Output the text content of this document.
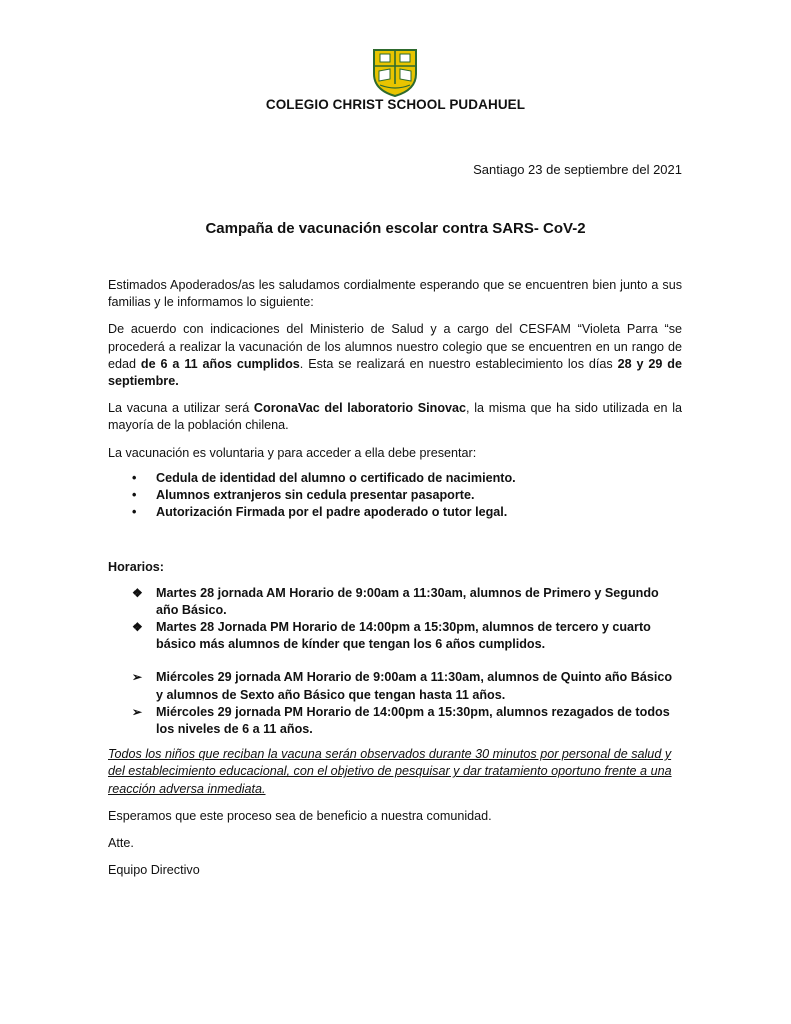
COLEGIO CHRIST SCHOOL PUDAHUEL
Santiago 23 de septiembre del 2021
Campaña de vacunación escolar contra SARS- CoV-2

Estimados Apoderados/as les saludamos cordialmente esperando que se encuentren bien junto a sus familias y le informamos lo siguiente:

De acuerdo con indicaciones del Ministerio de Salud y a cargo del CESFAM “Violeta Parra “se procederá a realizar la vacunación de los alumnos nuestro colegio que se encuentren en un rango de edad de 6 a 11 años cumplidos. Esta se realizará en nuestro establecimiento los días 28 y 29 de septiembre.

La vacuna a utilizar será CoronaVac del laboratorio Sinovac, la misma que ha sido utilizada en la mayoría de la población chilena.

La vacunación es voluntaria y para acceder a ella debe presentar:

• Cedula de identidad del alumno o certificado de nacimiento.
• Alumnos extranjeros sin cedula presentar pasaporte.
• Autorización Firmada por el padre apoderado o tutor legal.

Horarios:

❖ Martes 28 jornada AM Horario de 9:00am a 11:30am, alumnos de Primero y Segundo año Básico.
❖ Martes 28 Jornada PM Horario de 14:00pm a 15:30pm, alumnos de tercero y cuarto básico más alumnos de kínder que tengan los 6 años cumplidos.
➢ Miércoles 29 jornada AM Horario de 9:00am a 11:30am, alumnos de Quinto año Básico y alumnos de Sexto año Básico que tengan hasta 11 años.
➢ Miércoles 29 jornada PM Horario de 14:00pm a 15:30pm, alumnos rezagados de todos los niveles de 6 a 11 años.

Todos los niños que reciban la vacuna serán observados durante 30 minutos por personal de salud y del establecimiento educacional, con el objetivo de pesquisar y dar tratamiento oportuno frente a una reacción adversa inmediata.

Esperamos que este proceso sea de beneficio a nuestra comunidad.

Atte.

Equipo Directivo
